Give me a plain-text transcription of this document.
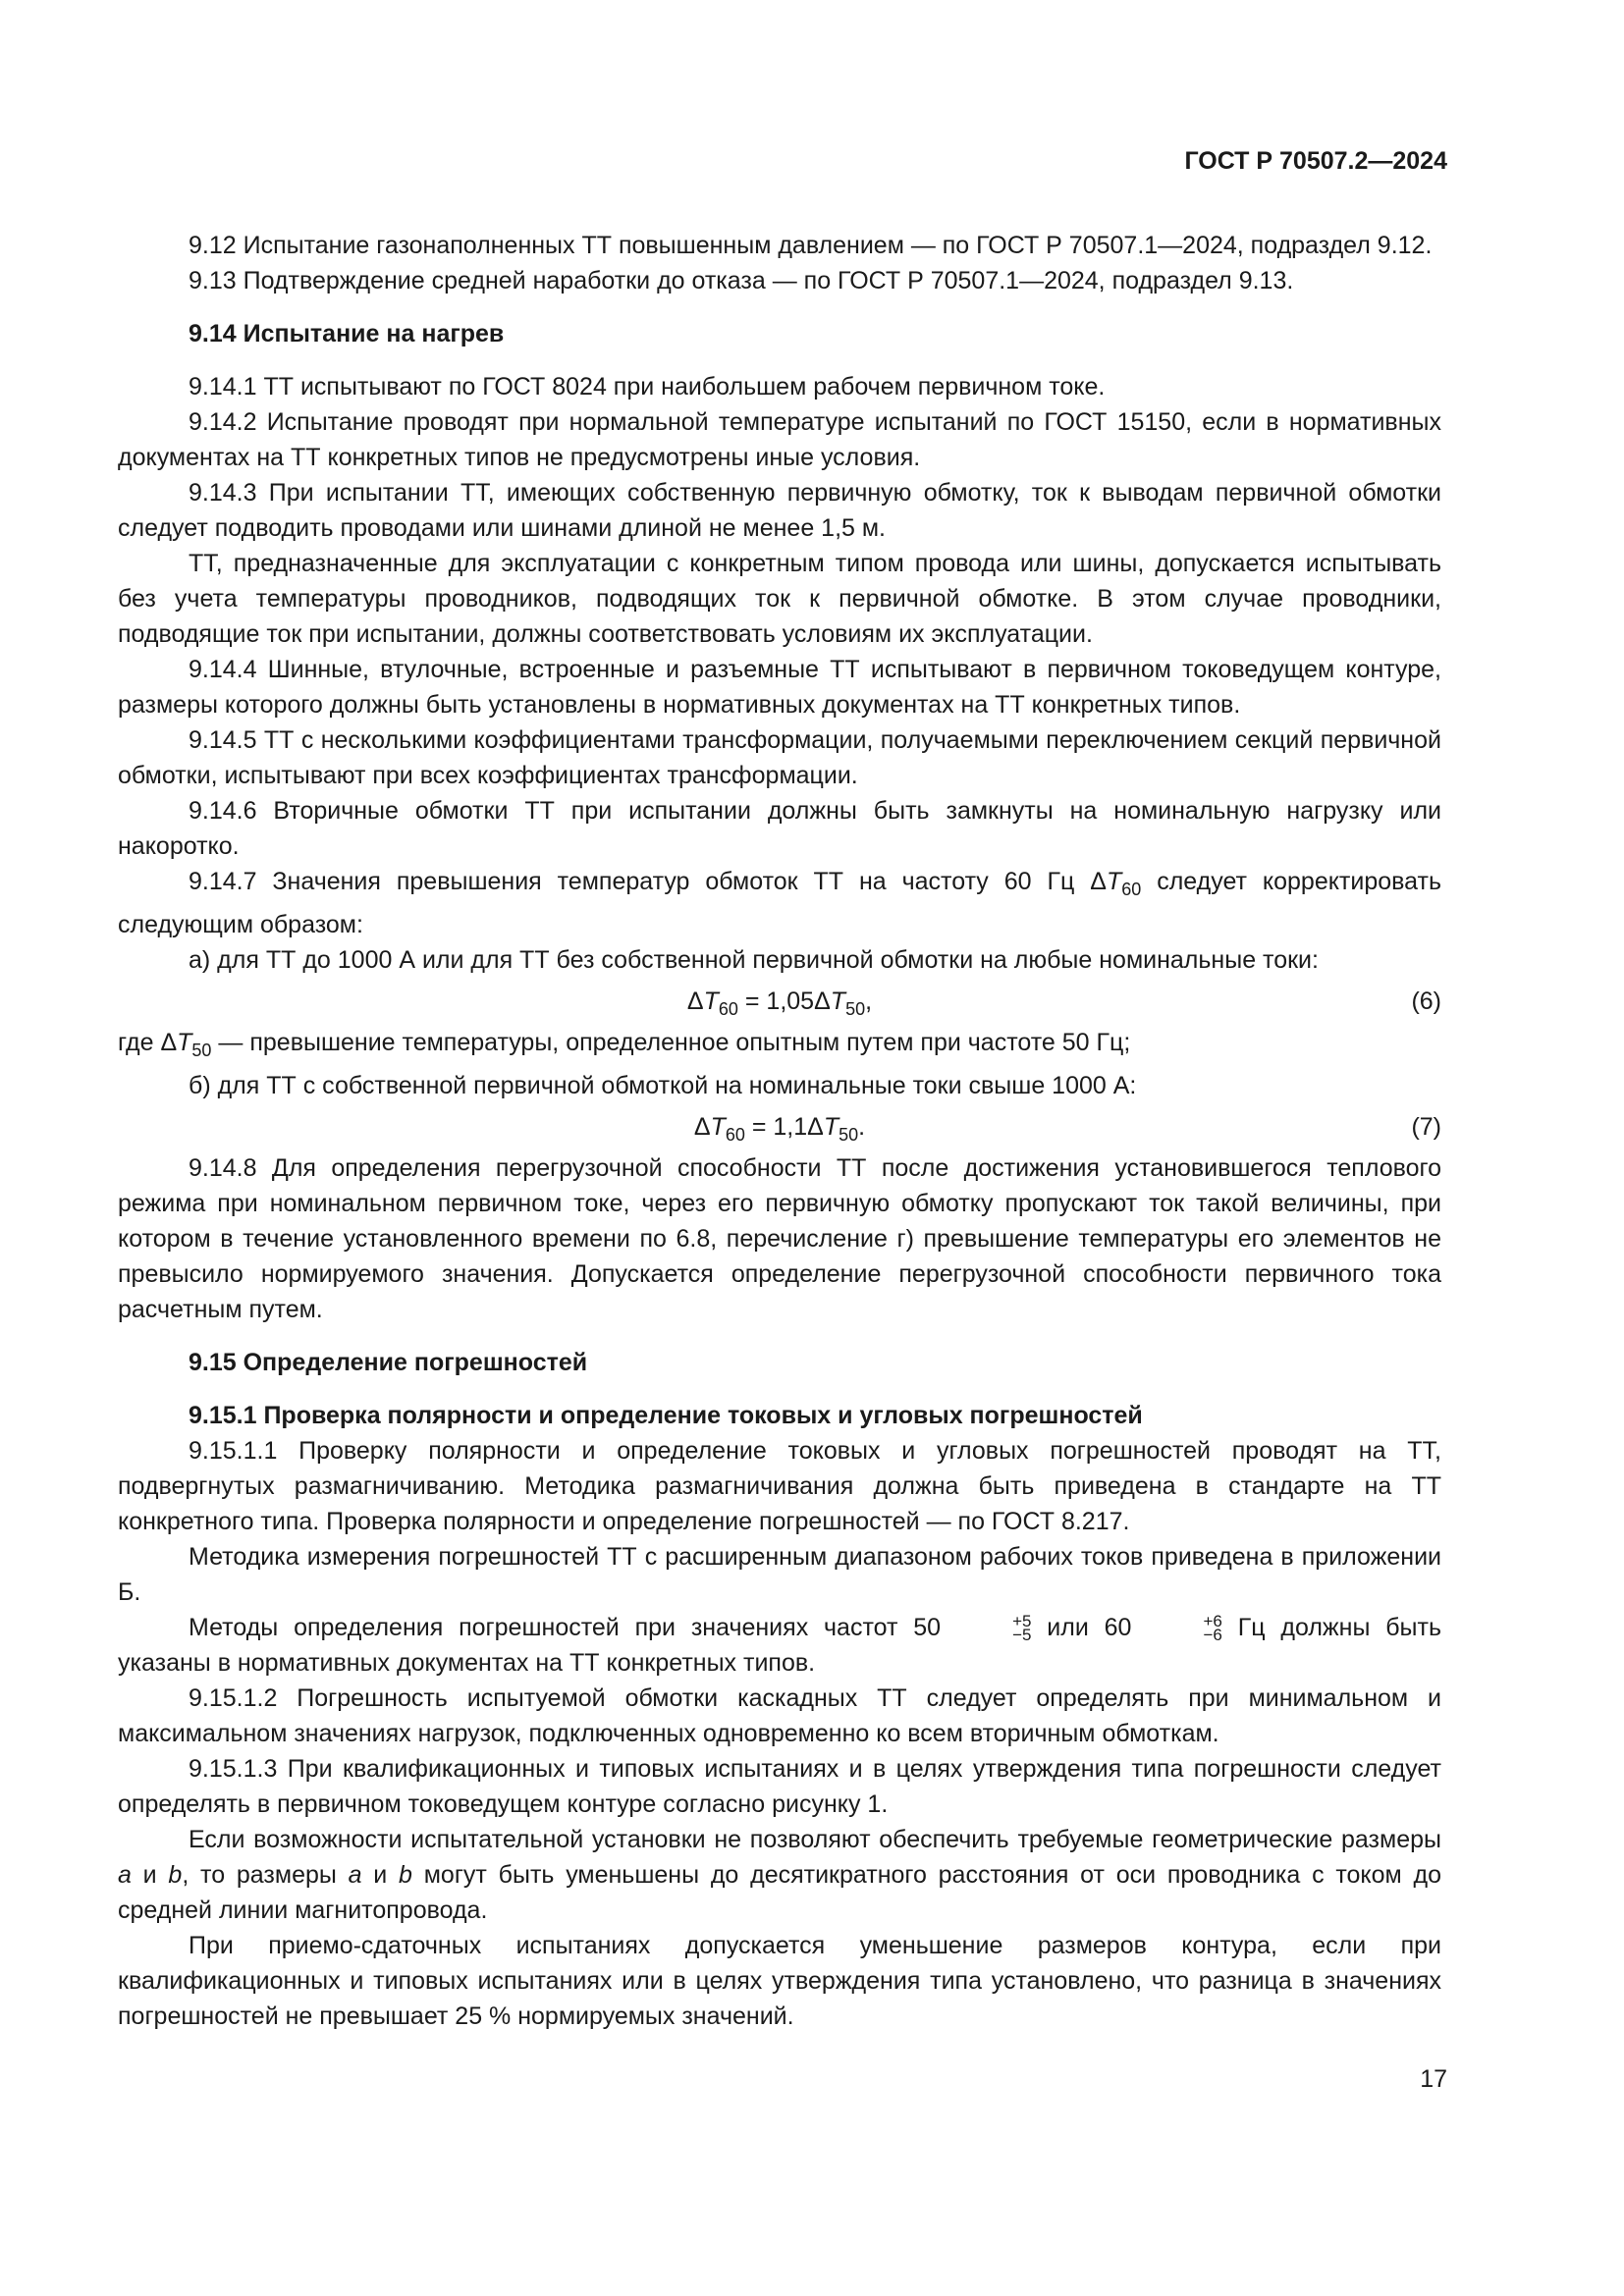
ГОСТ Р 70507.2—2024

9.12 Испытание газонаполненных ТТ повышенным давлением — по ГОСТ Р 70507.1—2024, подраздел 9.12.

9.13 Подтверждение средней наработки до отказа — по ГОСТ Р 70507.1—2024, подраздел 9.13.

9.14 Испытание на нагрев

9.14.1 ТТ испытывают по ГОСТ 8024 при наибольшем рабочем первичном токе.

9.14.2 Испытание проводят при нормальной температуре испытаний по ГОСТ 15150, если в нормативных документах на ТТ конкретных типов не предусмотрены иные условия.

9.14.3 При испытании ТТ, имеющих собственную первичную обмотку, ток к выводам первичной обмотки следует подводить проводами или шинами длиной не менее 1,5 м.

ТТ, предназначенные для эксплуатации с конкретным типом провода или шины, допускается испытывать без учета температуры проводников, подводящих ток к первичной обмотке. В этом случае проводники, подводящие ток при испытании, должны соответствовать условиям их эксплуатации.

9.14.4 Шинные, втулочные, встроенные и разъемные ТТ испытывают в первичном токоведущем контуре, размеры которого должны быть установлены в нормативных документах на ТТ конкретных типов.

9.14.5 ТТ с несколькими коэффициентами трансформации, получаемыми переключением секций первичной обмотки, испытывают при всех коэффициентах трансформации.

9.14.6 Вторичные обмотки ТТ при испытании должны быть замкнуты на номинальную нагрузку или накоротко.

9.14.7 Значения превышения температур обмоток ТТ на частоту 60 Гц $\Delta T_{60}$ следует корректировать следующим образом:

а) для ТТ до 1000 А или для ТТ без собственной первичной обмотки на любые номинальные токи:

$\Delta T_{60} = 1,05\Delta T_{50}$,	(6)

где $\Delta T_{50}$ — превышение температуры, определенное опытным путем при частоте 50 Гц;

б) для ТТ с собственной первичной обмоткой на номинальные токи свыше 1000 А:

$\Delta T_{60} = 1,1\Delta T_{50}$.	(7)

9.14.8 Для определения перегрузочной способности ТТ после достижения установившегося теплового режима при номинальном первичном токе, через его первичную обмотку пропускают ток такой величины, при котором в течение установленного времени по 6.8, перечисление г) превышение температуры его элементов не превысило нормируемого значения. Допускается определение перегрузочной способности первичного тока расчетным путем.

9.15 Определение погрешностей

9.15.1 Проверка полярности и определение токовых и угловых погрешностей

9.15.1.1 Проверку полярности и определение токовых и угловых погрешностей проводят на ТТ, подвергнутых размагничиванию. Методика размагничивания должна быть приведена в стандарте на ТТ конкретного типа. Проверка полярности и определение погрешностей — по ГОСТ 8.217.

Методика измерения погрешностей ТТ с расширенным диапазоном рабочих токов приведена в приложении Б.

Методы определения погрешностей при значениях частот 50	+5
−5 или 60	+6
−6 Гц должны быть указаны в нормативных документах на ТТ конкретных типов.

9.15.1.2 Погрешность испытуемой обмотки каскадных ТТ следует определять при минимальном и максимальном значениях нагрузок, подключенных одновременно ко всем вторичным обмоткам.

9.15.1.3 При квалификационных и типовых испытаниях и в целях утверждения типа погрешности следует определять в первичном токоведущем контуре согласно рисунку 1.

Если возможности испытательной установки не позволяют обеспечить требуемые геометрические размеры a и b, то размеры a и b могут быть уменьшены до десятикратного расстояния от оси проводника с током до средней линии магнитопровода.

При приемо-сдаточных испытаниях допускается уменьшение размеров контура, если при квалификационных и типовых испытаниях или в целях утверждения типа установлено, что разница в значениях погрешностей не превышает 25 % нормируемых значений.

17
